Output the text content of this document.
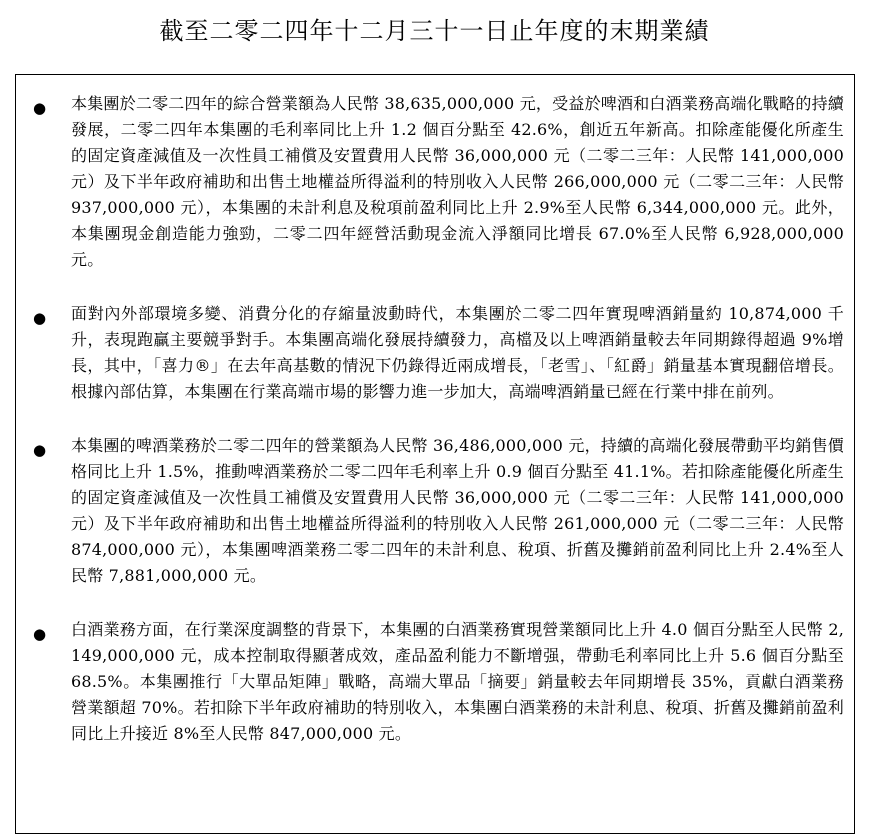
截至二零二四年十二月三十一日止年度的末期業績
● 本集團於二零二四年的綜合營業額為人民幣 38,635,000,000 元，受益於啤酒和白酒業務高端化戰略的持續發展，二零二四年本集團的毛利率同比上升 1.2 個百分點至 42.6%，創近五年新高。扣除產能優化所產生的固定資產減值及一次性員工補償及安置費用人民幣 36,000,000 元（二零二三年：人民幣 141,000,000 元）及下半年政府補助和出售土地權益所得溢利的特別收入人民幣 266,000,000 元（二零二三年：人民幣 937,000,000 元），本集團的未計利息及稅項前盈利同比上升 2.9%至人民幣 6,344,000,000 元。此外，本集團現金創造能力強勁，二零二四年經營活動現金流入淨額同比增長 67.0%至人民幣 6,928,000,000 元。

● 面對內外部環境多變、消費分化的存縮量波動時代，本集團於二零二四年實現啤酒銷量約 10,874,000 千升，表現跑贏主要競爭對手。本集團高端化發展持續發力，高檔及以上啤酒銷量較去年同期錄得超過 9%增長，其中，「喜力®」在去年高基數的情況下仍錄得近兩成增長，「老雪」、「紅爵」銷量基本實現翻倍增長。根據內部估算，本集團在行業高端市場的影響力進一步加大，高端啤酒銷量已經在行業中排在前列。

● 本集團的啤酒業務於二零二四年的營業額為人民幣 36,486,000,000 元，持續的高端化發展帶動平均銷售價格同比上升 1.5%，推動啤酒業務於二零二四年毛利率上升 0.9 個百分點至 41.1%。若扣除產能優化所產生的固定資產減值及一次性員工補償及安置費用人民幣 36,000,000 元（二零二三年：人民幣 141,000,000 元）及下半年政府補助和出售土地權益所得溢利的特別收入人民幣 261,000,000 元（二零二三年：人民幣 874,000,000 元），本集團啤酒業務二零二四年的未計利息、稅項、折舊及攤銷前盈利同比上升 2.4%至人民幣 7,881,000,000 元。

● 白酒業務方面，在行業深度調整的背景下，本集團的白酒業務實現營業額同比上升 4.0 個百分點至人民幣 2,149,000,000 元，成本控制取得顯著成效，產品盈利能力不斷增强，帶動毛利率同比上升 5.6 個百分點至 68.5%。本集團推行「大單品矩陣」戰略，高端大單品「摘要」銷量較去年同期增長 35%，貢獻白酒業務營業額超 70%。若扣除下半年政府補助的特別收入，本集團白酒業務的未計利息、稅項、折舊及攤銷前盈利同比上升接近 8%至人民幣 847,000,000 元。
